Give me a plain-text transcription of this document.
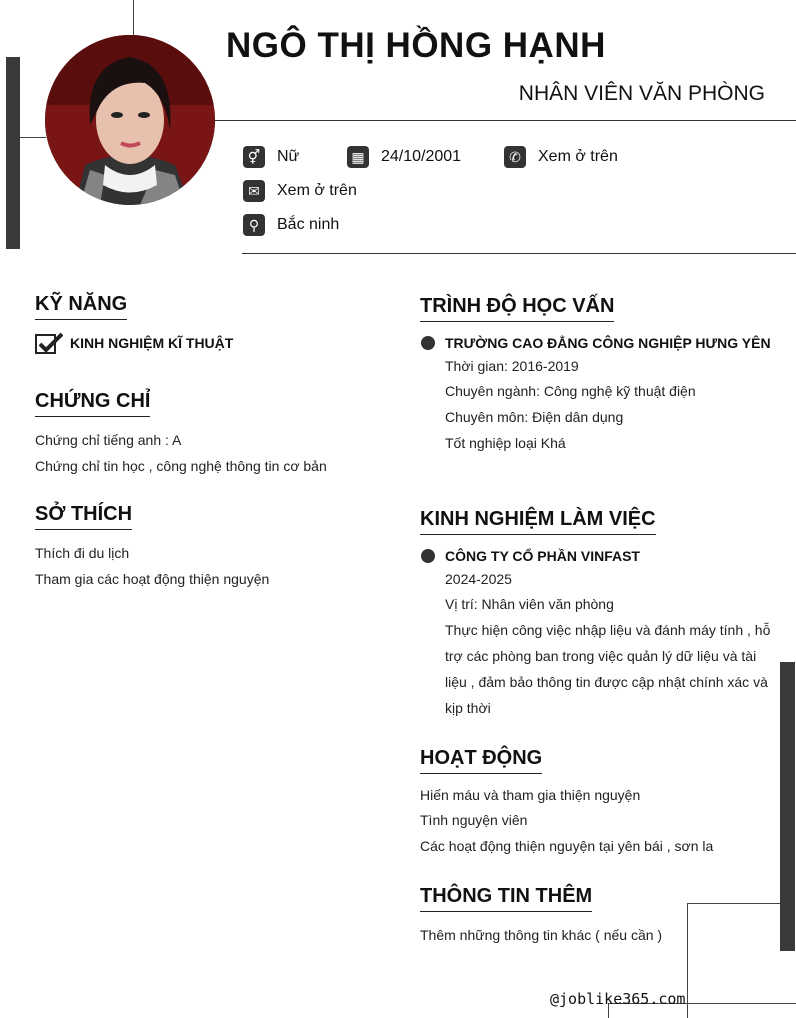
NGÔ THỊ HỒNG HẠNH
NHÂN VIÊN VĂN PHÒNG
⚥ Nữ	▦ 24/10/2001	✆	Xem ở trên
✉	Xem ở trên
⚲	Bắc ninh
KỸ NĂNG
KINH NGHIỆM KĨ THUẬT
CHỨNG CHỈ
Chứng chỉ tiếng anh : A
Chứng chỉ tin học , công nghệ thông tin cơ bản
SỞ THÍCH
Thích đi du lịch
Tham gia các hoạt động thiện nguyện
TRÌNH ĐỘ HỌC VẤN
TRƯỜNG CAO ĐẲNG CÔNG NGHIỆP HƯNG YÊN
Thời gian: 2016-2019
Chuyên ngành: Công nghệ kỹ thuật điện
Chuyên môn: Điện dân dụng
Tốt nghiệp loại Khá
KINH NGHIỆM LÀM VIỆC
CÔNG TY CỔ PHẦN VINFAST
2024-2025
Vị trí: Nhân viên văn phòng
Thực hiện công việc nhập liệu và đánh máy tính , hỗ
trợ các phòng ban trong việc quản lý dữ liệu và tài
liệu , đảm bảo thông tin được cập nhật chính xác và
kịp thời
HOẠT ĐỘNG
Hiến máu và tham gia thiện nguyện
Tình nguyện viên
Các hoạt động thiện nguyện tại yên bái , sơn la
THÔNG TIN THÊM
Thêm những thông tin khác ( nếu cần )
@joblike365.com
